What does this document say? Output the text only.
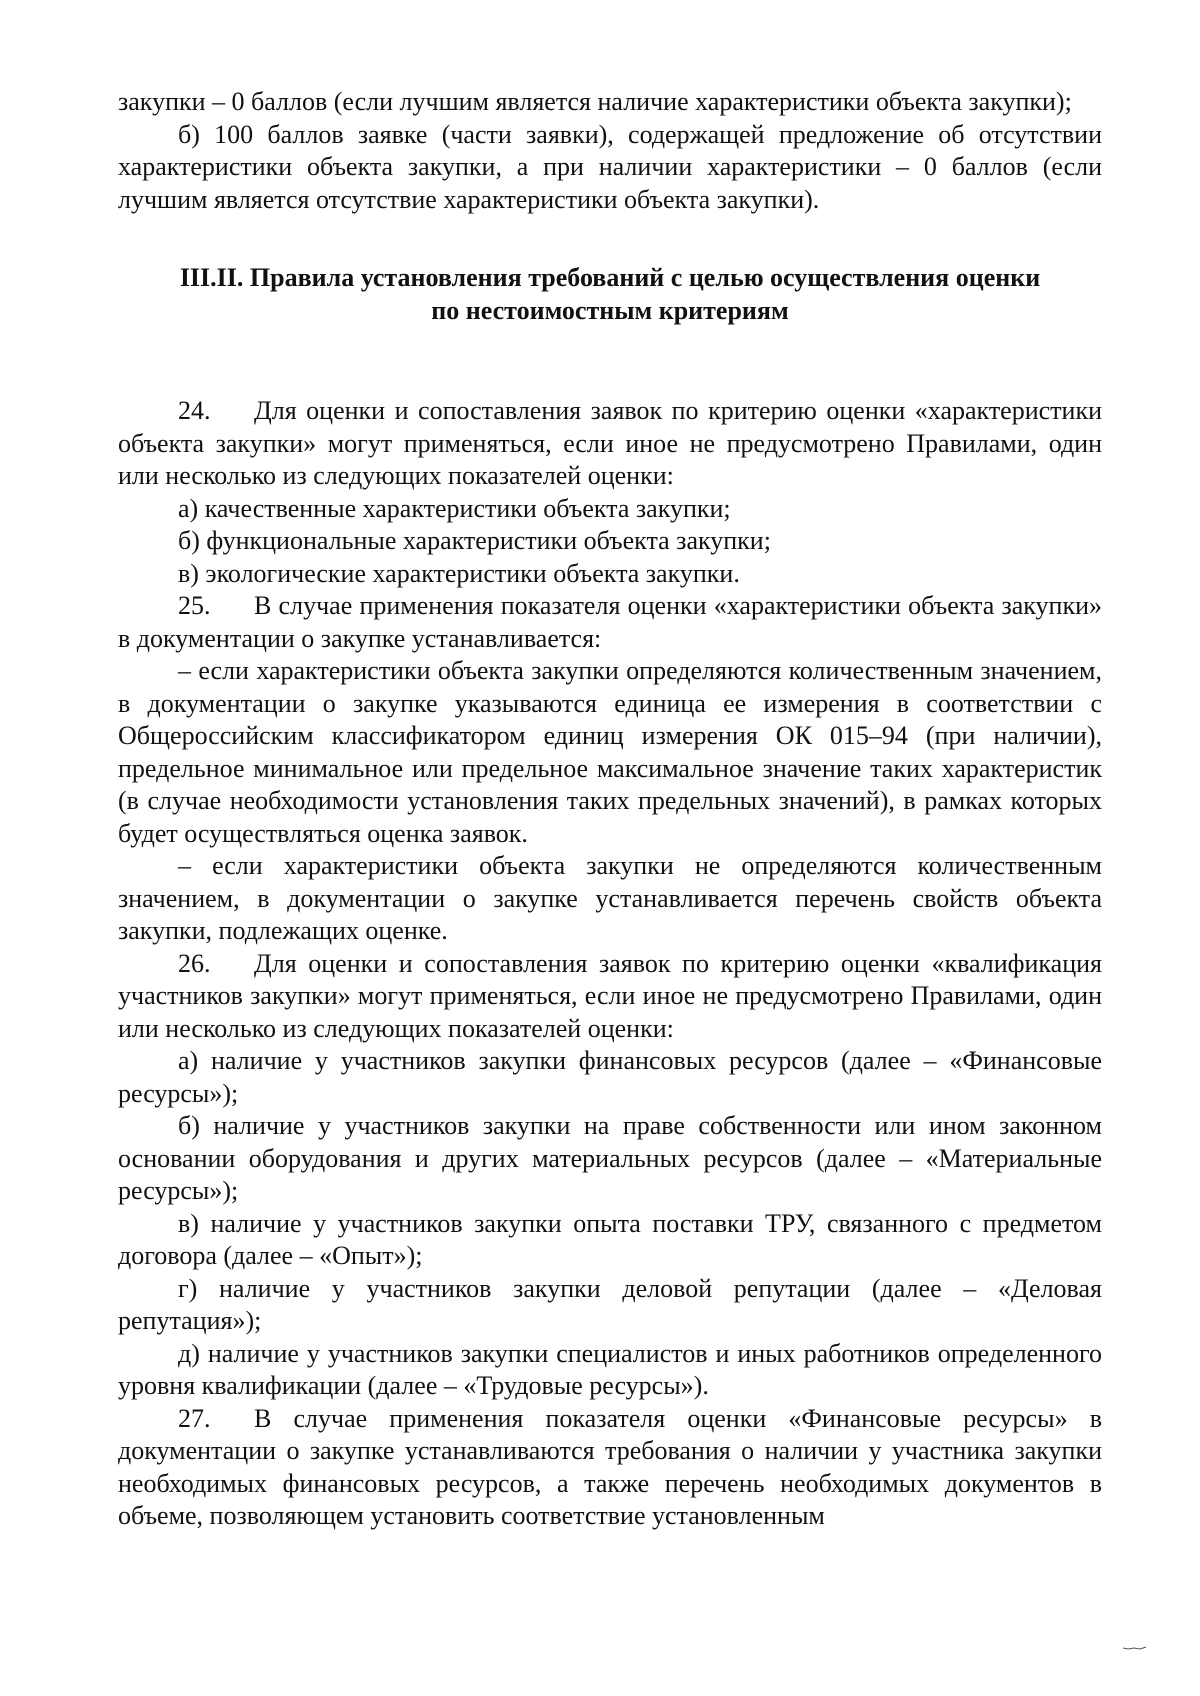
закупки – 0 баллов (если лучшим является наличие характеристики объекта закупки);

б) 100 баллов заявке (части заявки), содержащей предложение об отсутствии характеристики объекта закупки, а при наличии характеристики – 0 баллов (если лучшим является отсутствие характеристики объекта закупки).

III.II. Правила установления требований с целью осуществления оценки
по нестоимостным критериям

24. Для оценки и сопоставления заявок по критерию оценки «характеристики объекта закупки» могут применяться, если иное не предусмотрено Правилами, один или несколько из следующих показателей оценки:

а) качественные характеристики объекта закупки;

б) функциональные характеристики объекта закупки;

в) экологические характеристики объекта закупки.

25. В случае применения показателя оценки «характеристики объекта закупки» в документации о закупке устанавливается:

– если характеристики объекта закупки определяются количественным значением, в документации о закупке указываются единица ее измерения в соответствии с Общероссийским классификатором единиц измерения ОК 015–94 (при наличии), предельное минимальное или предельное максимальное значение таких характеристик (в случае необходимости установления таких предельных значений), в рамках которых будет осуществляться оценка заявок.

– если характеристики объекта закупки не определяются количественным значением, в документации о закупке устанавливается перечень свойств объекта закупки, подлежащих оценке.

26. Для оценки и сопоставления заявок по критерию оценки «квалификация участников закупки» могут применяться, если иное не предусмотрено Правилами, один или несколько из следующих показателей оценки:

а) наличие у участников закупки финансовых ресурсов (далее – «Финансовые ресурсы»);

б) наличие у участников закупки на праве собственности или ином законном основании оборудования и других материальных ресурсов (далее – «Материальные ресурсы»);

в) наличие у участников закупки опыта поставки ТРУ, связанного с предметом договора (далее – «Опыт»);

г) наличие у участников закупки деловой репутации (далее – «Деловая репутация»);

д) наличие у участников закупки специалистов и иных работников определенного уровня квалификации (далее – «Трудовые ресурсы»).

27. В случае применения показателя оценки «Финансовые ресурсы» в документации о закупке устанавливаются требования о наличии у участника закупки необходимых финансовых ресурсов, а также перечень необходимых документов в объеме, позволяющем установить соответствие установленным
